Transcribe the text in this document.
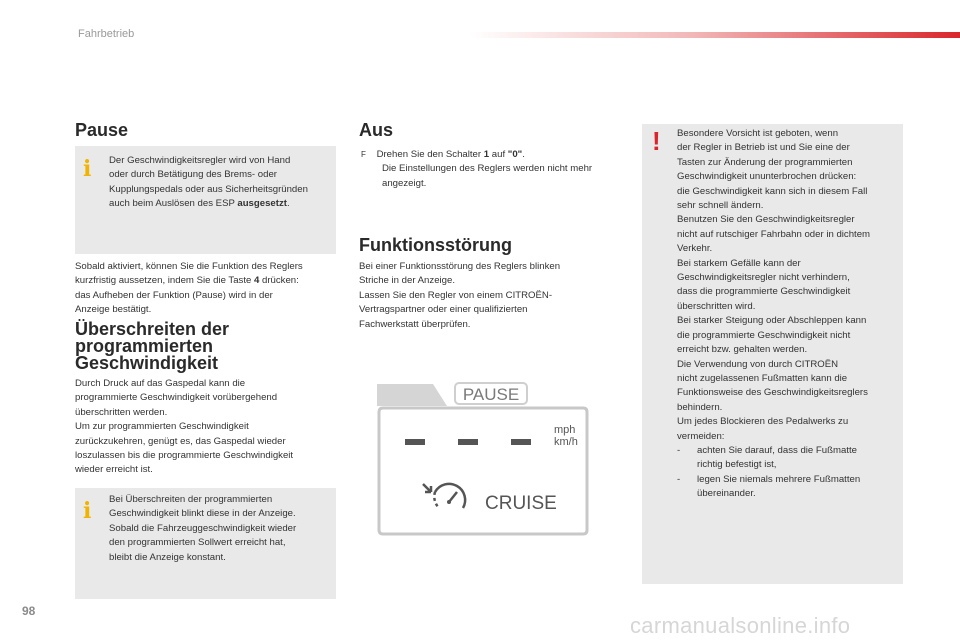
Fahrbetrieb
Pause
i Der Geschwindigkeitsregler wird von Hand
oder durch Betätigung des Brems- oder
Kupplungspedals oder aus Sicherheitsgründen
auch beim Auslösen des ESP ausgesetzt.
Sobald aktiviert, können Sie die Funktion des Reglers
kurzfristig aussetzen, indem Sie die Taste 4 drücken:
das Aufheben der Funktion (Pause) wird in der
Anzeige bestätigt.
Überschreiten der
programmierten
Geschwindigkeit
Durch Druck auf das Gaspedal kann die
programmierte Geschwindigkeit vorübergehend
überschritten werden.
Um zur programmierten Geschwindigkeit
zurückzukehren, genügt es, das Gaspedal wieder
loszulassen bis die programmierte Geschwindigkeit
wieder erreicht ist.
i Bei Überschreiten der programmierten
Geschwindigkeit blinkt diese in der Anzeige.
Sobald die Fahrzeuggeschwindigkeit wieder
den programmierten Sollwert erreicht hat,
bleibt die Anzeige konstant.
Aus
F Drehen Sie den Schalter 1 auf "0".
Die Einstellungen des Reglers werden nicht mehr
angezeigt.
Funktionsstörung
Bei einer Funktionsstörung des Reglers blinken
Striche in der Anzeige.
Lassen Sie den Regler von einem CITROËN-
Vertragspartner oder einer qualifizierten
Fachwerkstatt überprüfen.
PAUSE
mph
km/h
CRUISE
! Besondere Vorsicht ist geboten, wenn
der Regler in Betrieb ist und Sie eine der
Tasten zur Änderung der programmierten
Geschwindigkeit ununterbrochen drücken:
die Geschwindigkeit kann sich in diesem Fall
sehr schnell ändern.
Benutzen Sie den Geschwindigkeitsregler
nicht auf rutschiger Fahrbahn oder in dichtem
Verkehr.
Bei starkem Gefälle kann der
Geschwindigkeitsregler nicht verhindern,
dass die programmierte Geschwindigkeit
überschritten wird.
Bei starker Steigung oder Abschleppen kann
die programmierte Geschwindigkeit nicht
erreicht bzw. gehalten werden.
Die Verwendung von durch CITROËN
nicht zugelassenen Fußmatten kann die
Funktionsweise des Geschwindigkeitsreglers
behindern.
Um jedes Blockieren des Pedalwerks zu
vermeiden:
- achten Sie darauf, dass die Fußmatte
richtig befestigt ist,
- legen Sie niemals mehrere Fußmatten
übereinander.
98
carmanualsonline.info
